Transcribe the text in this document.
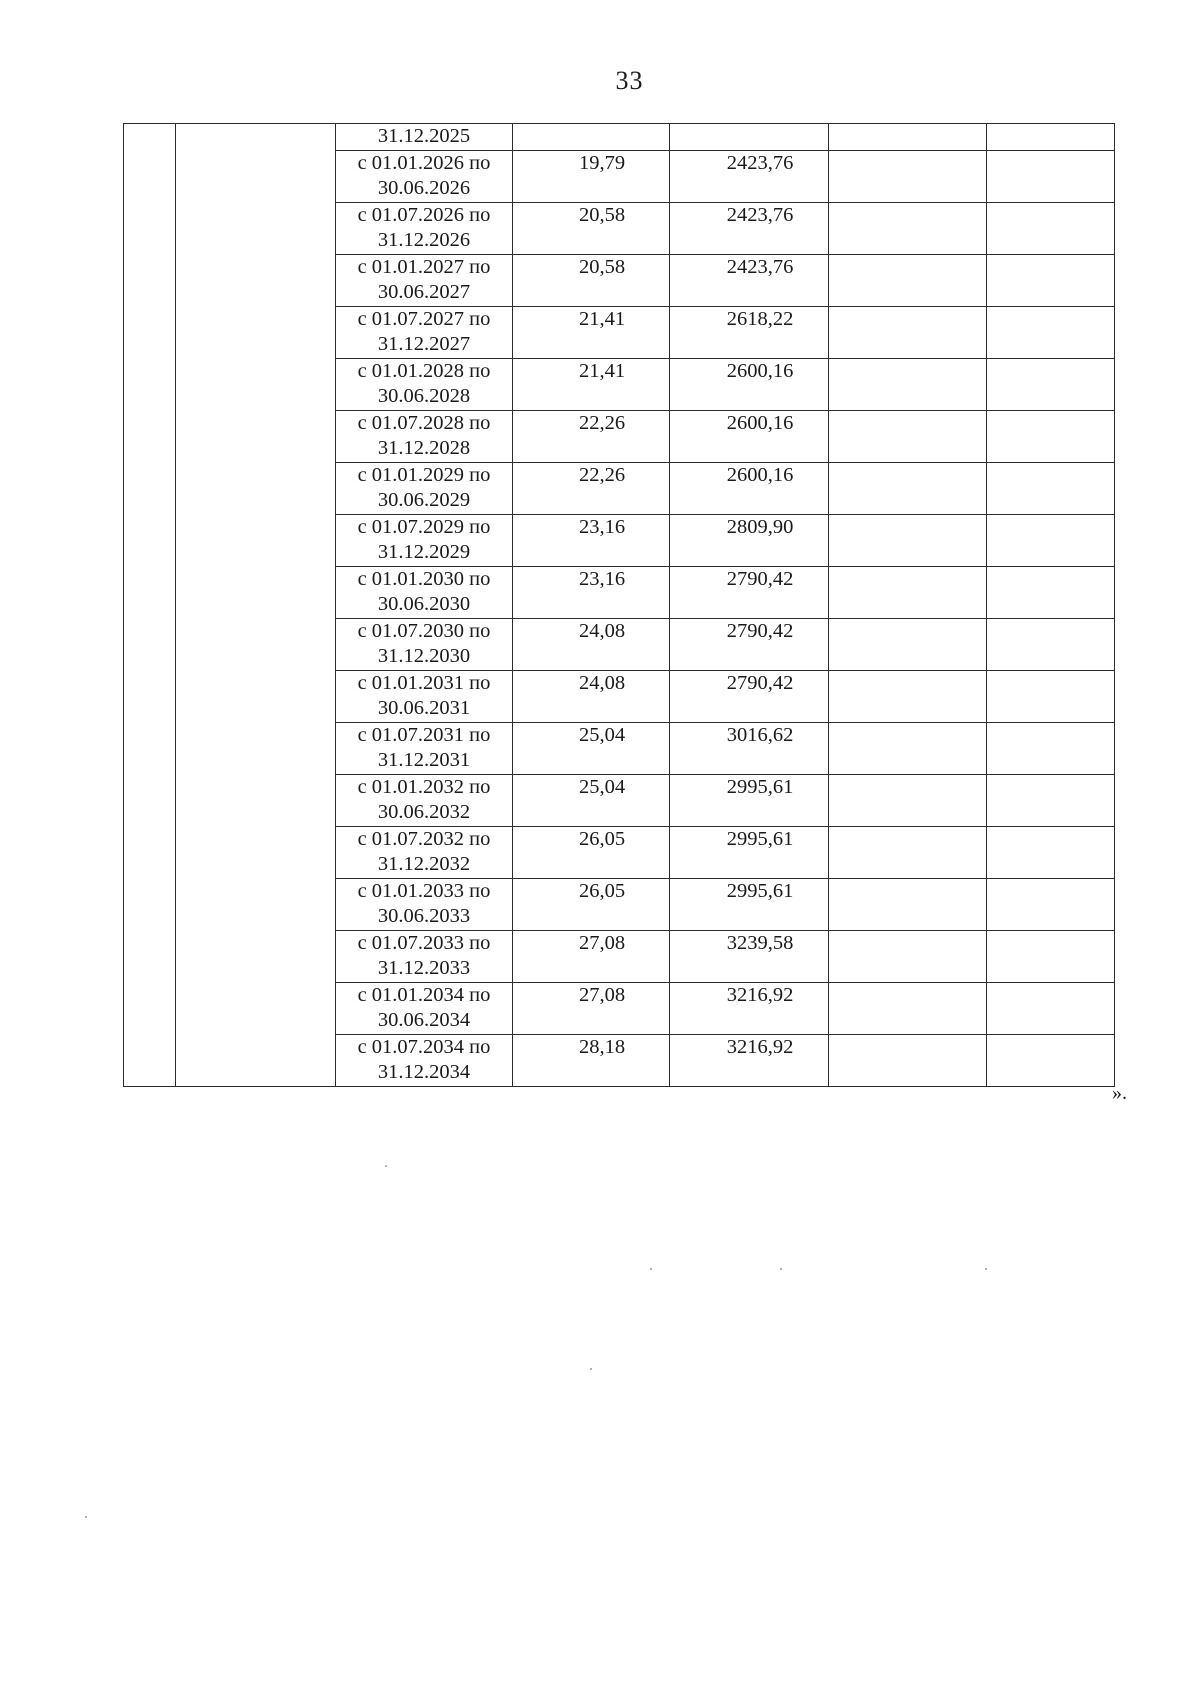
33
		31.12.2025				

		с 01.01.2026 по
30.06.2026	19,79	2423,76		

		с 01.07.2026 по
31.12.2026	20,58	2423,76		

		с 01.01.2027 по
30.06.2027	20,58	2423,76		

		с 01.07.2027 по
31.12.2027	21,41	2618,22		

		с 01.01.2028 по
30.06.2028	21,41	2600,16		

		с 01.07.2028 по
31.12.2028	22,26	2600,16		

		с 01.01.2029 по
30.06.2029	22,26	2600,16		

		с 01.07.2029 по
31.12.2029	23,16	2809,90		

		с 01.01.2030 по
30.06.2030	23,16	2790,42		

		с 01.07.2030 по
31.12.2030	24,08	2790,42		

		с 01.01.2031 по
30.06.2031	24,08	2790,42		

		с 01.07.2031 по
31.12.2031	25,04	3016,62		

		с 01.01.2032 по
30.06.2032	25,04	2995,61		

		с 01.07.2032 по
31.12.2032	26,05	2995,61		

		с 01.01.2033 по
30.06.2033	26,05	2995,61		

		с 01.07.2033 по
31.12.2033	27,08	3239,58		

		с 01.01.2034 по
30.06.2034	27,08	3216,92		

		с 01.07.2034 по
31.12.2034	28,18	3216,92		
».
